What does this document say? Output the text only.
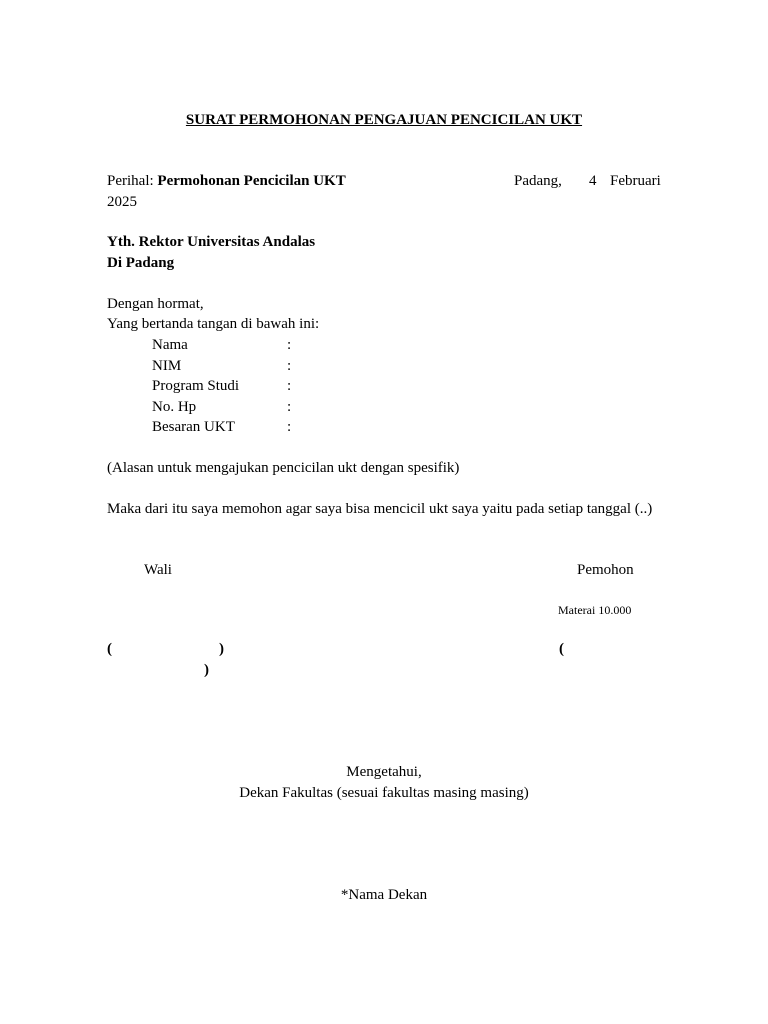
SURAT PERMOHONAN PENGAJUAN PENCICILAN UKT
Perihal: Permohonan Pencicilan UKT	Padang, 4 Februari
2025
Yth. Rektor Universitas Andalas
Di Padang
Dengan hormat,
Yang bertanda tangan di bawah ini:
Nama	:
NIM	:
Program Studi	:
No. Hp	:
Besaran UKT	:
(Alasan untuk mengajukan pencicilan ukt dengan spesifik)
Maka dari itu saya memohon agar saya bisa mencicil ukt saya yaitu pada setiap tanggal (..)
Wali	Pemohon
Materai 10.000
(	)	(
)
Mengetahui,
Dekan Fakultas (sesuai fakultas masing masing)
*Nama Dekan
